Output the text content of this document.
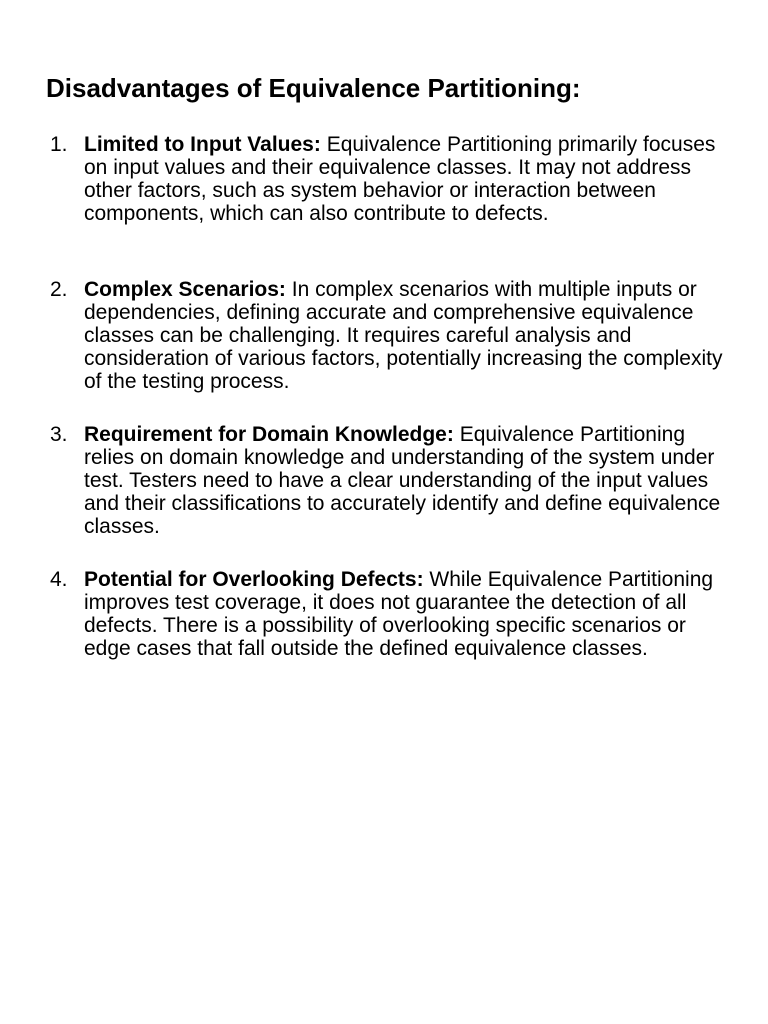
Disadvantages of Equivalence Partitioning:
1. Limited to Input Values: Equivalence Partitioning primarily focuses on input values and their equivalence classes. It may not address other factors, such as system behavior or interaction between components, which can also contribute to defects.
2. Complex Scenarios: In complex scenarios with multiple inputs or dependencies, defining accurate and comprehensive equivalence classes can be challenging. It requires careful analysis and consideration of various factors, potentially increasing the complexity of the testing process.
3. Requirement for Domain Knowledge: Equivalence Partitioning relies on domain knowledge and understanding of the system under test. Testers need to have a clear understanding of the input values and their classifications to accurately identify and define equivalence classes.
4. Potential for Overlooking Defects: While Equivalence Partitioning improves test coverage, it does not guarantee the detection of all defects. There is a possibility of overlooking specific scenarios or edge cases that fall outside the defined equivalence classes.
